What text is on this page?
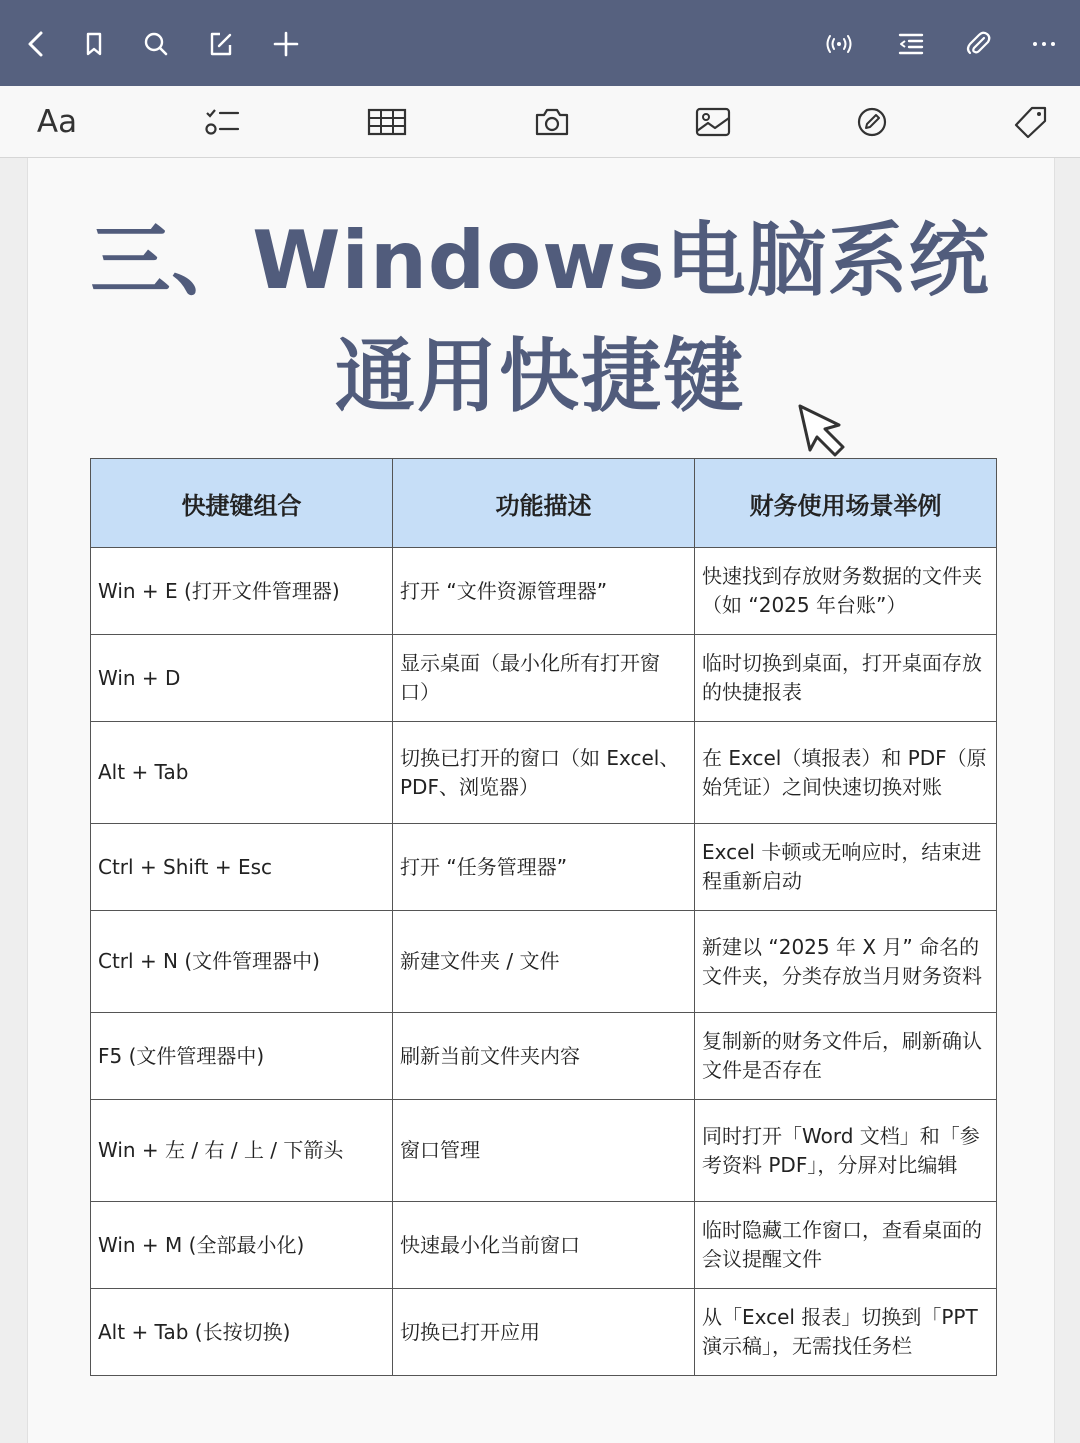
Aa
三、Windows电脑系统
通用快捷键
快捷键组合	功能描述	财务使用场景举例
Win + E (打开文件管理器)	打开 “文件资源管理器”	快速找到存放财务数据的文件夹（如 “2025 年台账”）
Win + D	显示桌面（最小化所有打开窗口）	临时切换到桌面，打开桌面存放的快捷报表
Alt + Tab	切换已打开的窗口（如 Excel、PDF、浏览器）	在 Excel（填报表）和 PDF（原始凭证）之间快速切换对账
Ctrl + Shift + Esc	打开 “任务管理器”	Excel 卡顿或无响应时，结束进程重新启动
Ctrl + N (文件管理器中)	新建文件夹 / 文件	新建以 “2025 年 X 月” 命名的文件夹，分类存放当月财务资料
F5 (文件管理器中)	刷新当前文件夹内容	复制新的财务文件后，刷新确认文件是否存在
Win + 左 / 右 / 上 / 下箭头	窗口管理	同时打开「Word 文档」和「参考资料 PDF」，分屏对比编辑
Win + M (全部最小化)	快速最小化当前窗口	临时隐藏工作窗口，查看桌面的会议提醒文件
Alt + Tab (长按切换)	切换已打开应用	从「Excel 报表」切换到「PPT 演示稿」，无需找任务栏
